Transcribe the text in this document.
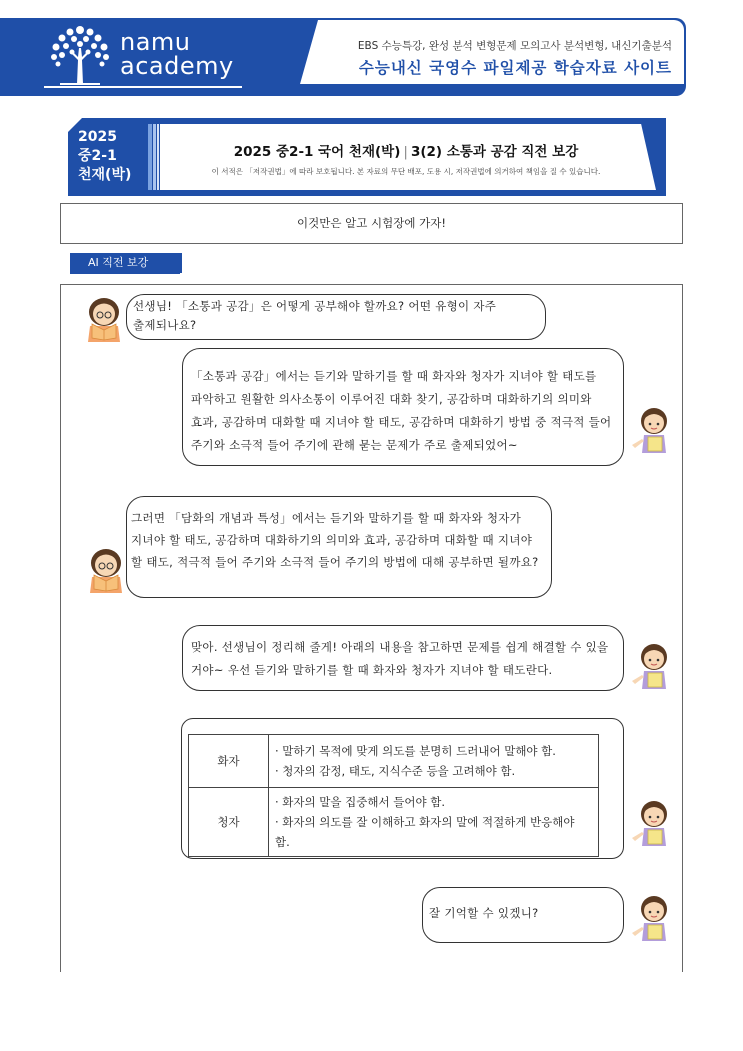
namu
academy
EBS 수능특강, 완성 분석 변형문제 모의고사 분석변형, 내신기출분석
수능내신 국영수 파일제공 학습자료 사이트
2025
중2-1
천재(박)
2025 중2-1 국어 천재(박) | 3(2) 소통과 공감 직전 보강
이 서적은 「저작권법」에 따라 보호됩니다. 본 자료의 무단 배포, 도용 시, 저작권법에 의거하여 책임을 질 수 있습니다.
이것만은 알고 시험장에 가자!
AI 직전 보강
선생님! 「소통과 공감」은 어떻게 공부해야 할까요? 어떤 유형이 자주 출제되나요?
「소통과 공감」에서는 듣기와 말하기를 할 때 화자와 청자가 지녀야 할 태도를 파악하고 원활한 의사소통이 이루어진 대화 찾기, 공감하며 대화하기의 의미와 효과, 공감하며 대화할 때 지녀야 할 태도, 공감하며 대화하기 방법 중 적극적 들어 주기와 소극적 들어 주기에 관해 묻는 문제가 주로 출제되었어~
그러면 「담화의 개념과 특성」에서는 듣기와 말하기를 할 때 화자와 청자가 지녀야 할 태도, 공감하며 대화하기의 의미와 효과, 공감하며 대화할 때 지녀야 할 태도, 적극적 들어 주기와 소극적 들어 주기의 방법에 대해 공부하면 될까요?
맞아. 선생님이 정리해 줄게! 아래의 내용을 참고하면 문제를 쉽게 해결할 수 있을 거야~ 우선 듣기와 말하기를 할 때 화자와 청자가 지녀야 할 태도란다.
화자	· 말하기 목적에 맞게 의도를 분명히 드러내어 말해야 함.
· 청자의 감정, 태도, 지식수준 등을 고려해야 함.

청자	· 화자의 말을 집중해서 들어야 함.
· 화자의 의도를 잘 이해하고 화자의 말에 적절하게 반응해야 함.
잘 기억할 수 있겠니?
